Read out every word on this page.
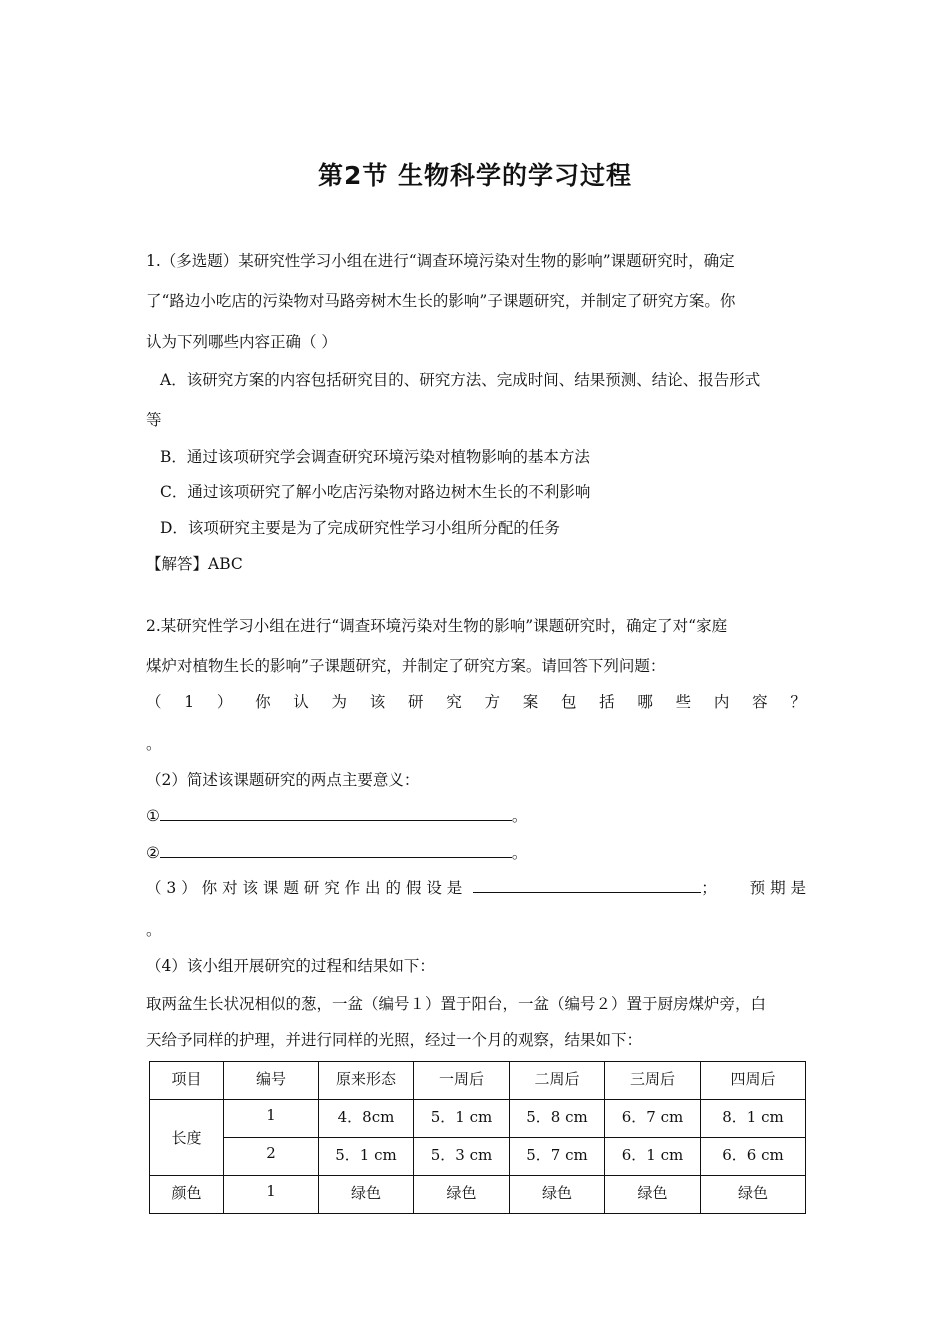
第2节 生物科学的学习过程
1.（多选题）某研究性学习小组在进行“调查环境污染对生物的影响”课题研究时，确定
了“路边小吃店的污染物对马路旁树木生长的影响”子课题研究，并制定了研究方案。你
认为下列哪些内容正确（ ）
A．该研究方案的内容包括研究目的、研究方法、完成时间、结果预测、结论、报告形式
等
B．通过该项研究学会调查研究环境污染对植物影响的基本方法
C．通过该项研究了解小吃店污染物对路边树木生长的不利影响
D．该项研究主要是为了完成研究性学习小组所分配的任务
【解答】ABC
2.某研究性学习小组在进行“调查环境污染对生物的影响”课题研究时，确定了对“家庭
煤炉对植物生长的影响”子课题研究，并制定了研究方案。请回答下列问题：
（ 1 ） 你 认 为 该 研 究 方 案 包 括 哪 些 内 容 ？
。
（2）简述该课题研究的两点主要意义：
①	。
②	。
（ 3 ） 你 对 该 课 题 研 究 作 出 的 假 设 是	； 预 期 是
。
（4）该小组开展研究的过程和结果如下：
取两盆生长状况相似的葱，一盆（编号１）置于阳台，一盆（编号２）置于厨房煤炉旁，白
天给予同样的护理，并进行同样的光照，经过一个月的观察，结果如下：
项目	编号	原来形态	一周后	二周后	三周后	四周后
长度	1	4．8cm	5．1 cm	5．8 cm	6．7 cm	8．1 cm
	2	5．1 cm	5．3 cm	5．7 cm	6．1 cm	6．6 cm
颜色	1	绿色	绿色	绿色	绿色	绿色
